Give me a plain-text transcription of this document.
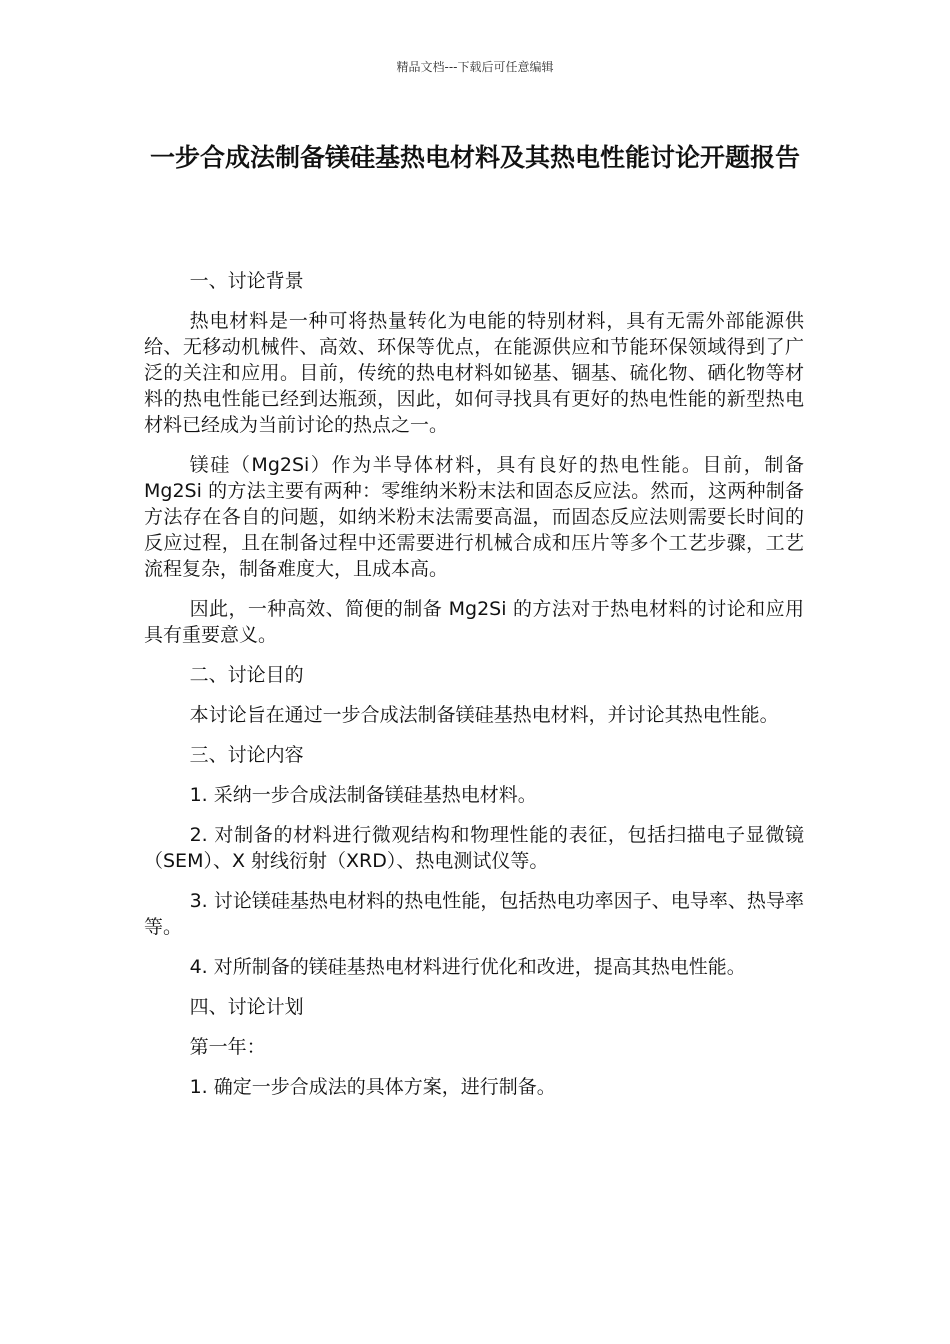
精品文档---下载后可任意编辑
一步合成法制备镁硅基热电材料及其热电性能讨论开题报告

一、讨论背景

热电材料是一种可将热量转化为电能的特别材料，具有无需外部能源供给、无移动机械件、高效、环保等优点，在能源供应和节能环保领域得到了广泛的关注和应用。目前，传统的热电材料如铋基、锢基、硫化物、硒化物等材料的热电性能已经到达瓶颈，因此，如何寻找具有更好的热电性能的新型热电材料已经成为当前讨论的热点之一。

镁硅（Mg2Si）作为半导体材料，具有良好的热电性能。目前，制备 Mg2Si 的方法主要有两种：零维纳米粉末法和固态反应法。然而，这两种制备方法存在各自的问题，如纳米粉末法需要高温，而固态反应法则需要长时间的反应过程，且在制备过程中还需要进行机械合成和压片等多个工艺步骤，工艺流程复杂，制备难度大，且成本高。

因此，一种高效、简便的制备 Mg2Si 的方法对于热电材料的讨论和应用具有重要意义。

二、讨论目的

本讨论旨在通过一步合成法制备镁硅基热电材料，并讨论其热电性能。

三、讨论内容

1. 采纳一步合成法制备镁硅基热电材料。

2. 对制备的材料进行微观结构和物理性能的表征，包括扫描电子显微镜（SEM）、X 射线衍射（XRD）、热电测试仪等。

3. 讨论镁硅基热电材料的热电性能，包括热电功率因子、电导率、热导率等。

4. 对所制备的镁硅基热电材料进行优化和改进，提高其热电性能。

四、讨论计划

第一年：

1. 确定一步合成法的具体方案，进行制备。
